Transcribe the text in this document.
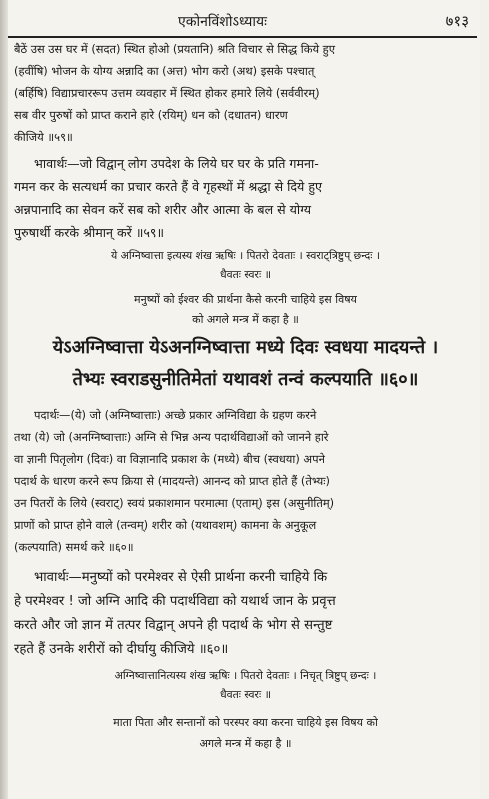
एकोनविंशोऽध्यायः	७१३
बैठें उस उस घर में (सदत) स्थित होओ (प्रयतानि) श्रति विचार से सिद्ध किये हुए
(हवींषि) भोजन के योग्य अन्नादि का (अत्त) भोग करो (अथ) इसके पश्चात्
(बर्हिषि) विद्याप्रचाररूप उत्तम व्यवहार में स्थित होकर हमारे लिये (सर्ववीरम्)
सब वीर पुरुषों को प्राप्त कराने हारे (रयिम्) धन को (दधातन) धारण
कीजिये ॥५९॥
भावार्थः—जो विद्वान् लोग उपदेश के लिये घर घर के प्रति गमना-
गमन कर के सत्यधर्म का प्रचार करते हैं वे गृहस्थों में श्रद्धा से दिये हुए
अन्नपानादि का सेवन करें सब को शरीर और आत्मा के बल से योग्य
पुरुषार्थी करके श्रीमान् करें ॥५९॥
ये अग्निष्वात्ता इत्यस्य शंख ऋषिः । पितरो देवताः । स्वराट्त्रिष्टुप् छन्दः ।
धैवतः स्वरः ॥
मनुष्यों को ईश्वर की प्रार्थना कैसे करनी चाहिये इस विषय
को अगले मन्त्र में कहा है ॥
येऽअग्निष्वात्ता येऽअनग्निष्वात्ता मध्ये दिवः स्वधया मादयन्ते ।
तेभ्यः स्वराडसुनीतिमेतां यथावशं तन्वं कल्पयाति ॥६०॥
पदार्थः—(ये) जो (अग्निष्वात्ताः) अच्छे प्रकार अग्निविद्या के ग्रहण करने
तथा (ये) जो (अनग्निष्वात्ताः) अग्नि से भिन्न अन्य पदार्थविद्याओं को जानने हारे
वा ज्ञानी पितृलोग (दिवः) वा विज्ञानादि प्रकाश के (मध्ये) बीच (स्वधया) अपने
पदार्थ के धारण करने रूप क्रिया से (मादयन्ते) आनन्द को प्राप्त होते हैं (तेभ्यः)
उन पितरों के लिये (स्वराट्) स्वयं प्रकाशमान परमात्मा (एताम्) इस (असुनीतिम्)
प्राणों को प्राप्त होने वाले (तन्वम्) शरीर को (यथावशम्) कामना के अनुकूल
(कल्पयाति) समर्थ करे ॥६०॥
भावार्थः—मनुष्यों को परमेश्वर से ऐसी प्रार्थना करनी चाहिये कि
हे परमेश्वर ! जो अग्नि आदि की पदार्थविद्या को यथार्थ जान के प्रवृत्त
करते और जो ज्ञान में तत्पर विद्वान् अपने ही पदार्थ के भोग से सन्तुष्ट
रहते हैं उनके शरीरों को दीर्घायु कीजिये ॥६०॥
अग्निष्वात्तानित्यस्य शंख ऋषिः । पितरो देवताः । निचृत् त्रिष्टुप् छन्दः ।
धैवतः स्वरः ॥
माता पिता और सन्तानों को परस्पर क्या करना चाहिये इस विषय को
अगले मन्त्र में कहा है ॥
